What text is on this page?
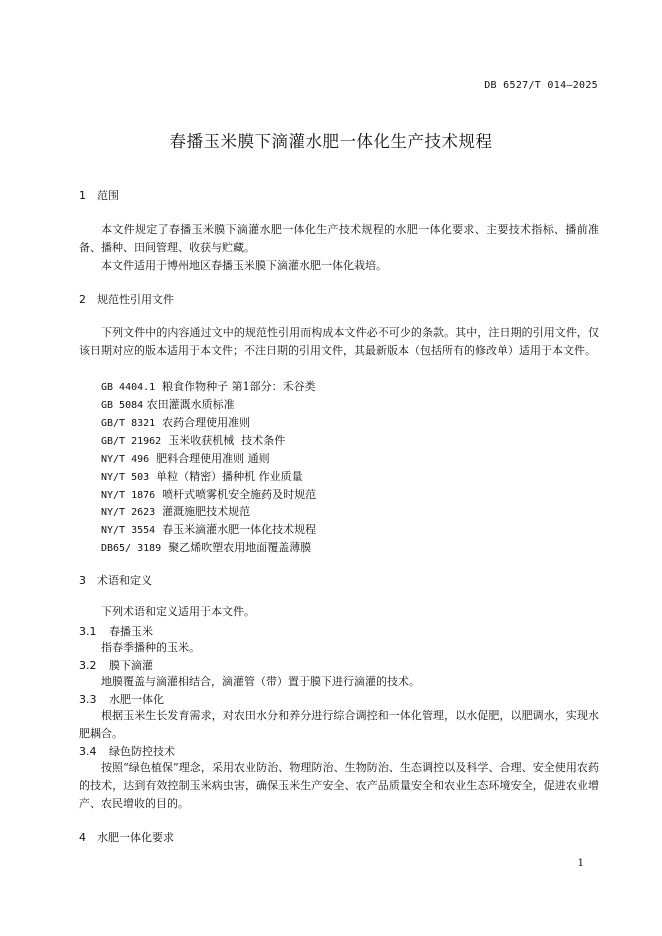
DB 6527/T 014—2025
春播玉米膜下滴灌水肥一体化生产技术规程
1 范围
本文件规定了春播玉米膜下滴灌水肥一体化生产技术规程的水肥一体化要求、主要技术指标、播前准备、播种、田间管理、收获与贮藏。
本文件适用于博州地区春播玉米膜下滴灌水肥一体化栽培。
2 规范性引用文件
下列文件中的内容通过文中的规范性引用而构成本文件必不可少的条款。其中，注日期的引用文件，仅该日期对应的版本适用于本文件；不注日期的引用文件，其最新版本（包括所有的修改单）适用于本文件。
GB 4404.1  粮食作物种子 第1部分：禾谷类
GB 5084 农田灌溉水质标准
GB/T 8321  农药合理使用准则
GB/T 21962  玉米收获机械  技术条件
NY/T 496  肥料合理使用准则 通则
NY/T 503  单粒（精密）播种机 作业质量
NY/T 1876  喷杆式喷雾机安全施药及时规范
NY/T 2623  灌溉施肥技术规范
NY/T 3554  春玉米滴灌水肥一体化技术规程
DB65/ 3189  聚乙烯吹塑农用地面覆盖薄膜
3 术语和定义
下列术语和定义适用于本文件。
3.1 春播玉米
指春季播种的玉米。
3.2 膜下滴灌
地膜覆盖与滴灌相结合，滴灌管（带）置于膜下进行滴灌的技术。
3.3 水肥一体化
根据玉米生长发育需求，对农田水分和养分进行综合调控和一体化管理，以水促肥，以肥调水，实现水肥耦合。
3.4 绿色防控技术
按照“绿色植保”理念，采用农业防治、物理防治、生物防治、生态调控以及科学、合理、安全使用农药的技术，达到有效控制玉米病虫害，确保玉米生产安全、农产品质量安全和农业生态环境安全，促进农业增产、农民增收的目的。
4 水肥一体化要求
1
